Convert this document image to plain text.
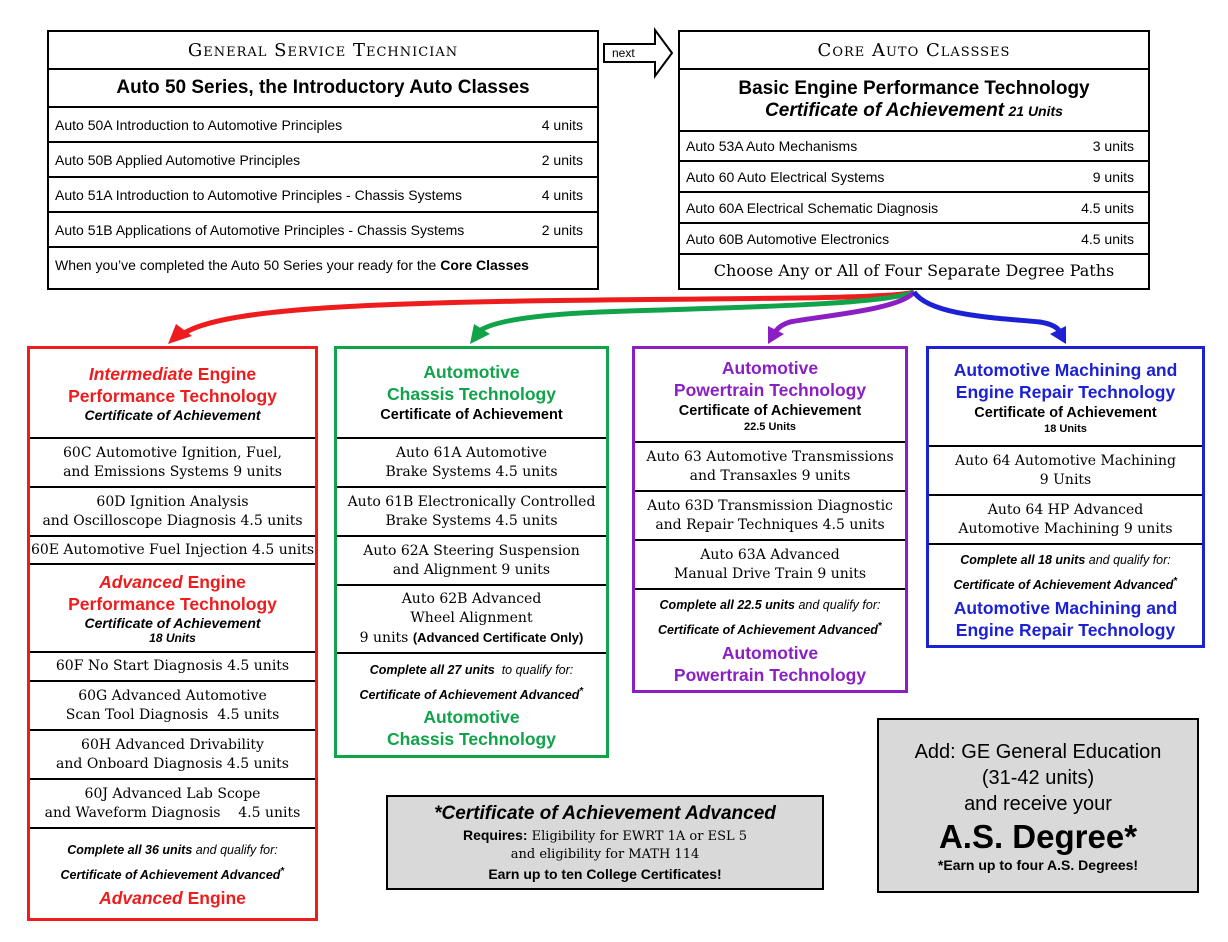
next
General Service Technician
Auto 50 Series, the Introductory Auto Classes
Auto 50A Introduction to Automotive Principles	4 units
Auto 50B Applied Automotive Principles	2 units
Auto 51A Introduction to Automotive Principles - Chassis Systems	4 units
Auto 51B Applications of Automotive Principles - Chassis Systems	2 units
When you’ve completed the Auto 50 Series your ready for the Core Classes
Core Auto Classses
Basic Engine Performance Technology
Certificate of Achievement 21 Units
Auto 53A Auto Mechanisms	3 units
Auto 60 Auto Electrical Systems	9 units
Auto 60A Electrical Schematic Diagnosis	4.5 units
Auto 60B Automotive Electronics	4.5 units
Choose Any or All of Four Separate Degree Paths
Intermediate Engine
Performance Technology
Certificate of Achievement
60C Automotive Ignition, Fuel,
and Emissions Systems 9 units
60D Ignition Analysis
and Oscilloscope Diagnosis 4.5 units
60E Automotive Fuel Injection 4.5 units
Advanced Engine
Performance Technology
Certificate of Achievement
18 Units
60F No Start Diagnosis 4.5 units
60G Advanced Automotive
Scan Tool Diagnosis  4.5 units
60H Advanced Drivability
and Onboard Diagnosis 4.5 units
60J Advanced Lab Scope
and Waveform Diagnosis    4.5 units
Complete all 36 units and qualify for:
Certificate of Achievement Advanced*
Advanced Engine
Automotive
Chassis Technology
Certificate of Achievement
Auto 61A Automotive
Brake Systems 4.5 units
Auto 61B Electronically Controlled
Brake Systems 4.5 units
Auto 62A Steering Suspension
and Alignment 9 units
Auto 62B Advanced
Wheel Alignment
9 units (Advanced Certificate Only)
Complete all 27 units  to qualify for:
Certificate of Achievement Advanced*
Automotive
Chassis Technology
Automotive
Powertrain Technology
Certificate of Achievement
22.5 Units
Auto 63 Automotive Transmissions
and Transaxles 9 units
Auto 63D Transmission Diagnostic
and Repair Techniques 4.5 units
Auto 63A Advanced
Manual Drive Train 9 units
Complete all 22.5 units and qualify for:
Certificate of Achievement Advanced*
Automotive
Powertrain Technology
Automotive Machining and
Engine Repair Technology
Certificate of Achievement
18 Units
Auto 64 Automotive Machining
9 Units
Auto 64 HP Advanced
Automotive Machining 9 units
Complete all 18 units and qualify for:
Certificate of Achievement Advanced*
Automotive Machining and
Engine Repair Technology
*Certificate of Achievement Advanced
Requires: Eligibility for EWRT 1A or ESL 5
and eligibility for MATH 114
Earn up to ten College Certificates!
Add: GE General Education
(31-42 units)
and receive your
A.S. Degree*
*Earn up to four A.S. Degrees!
